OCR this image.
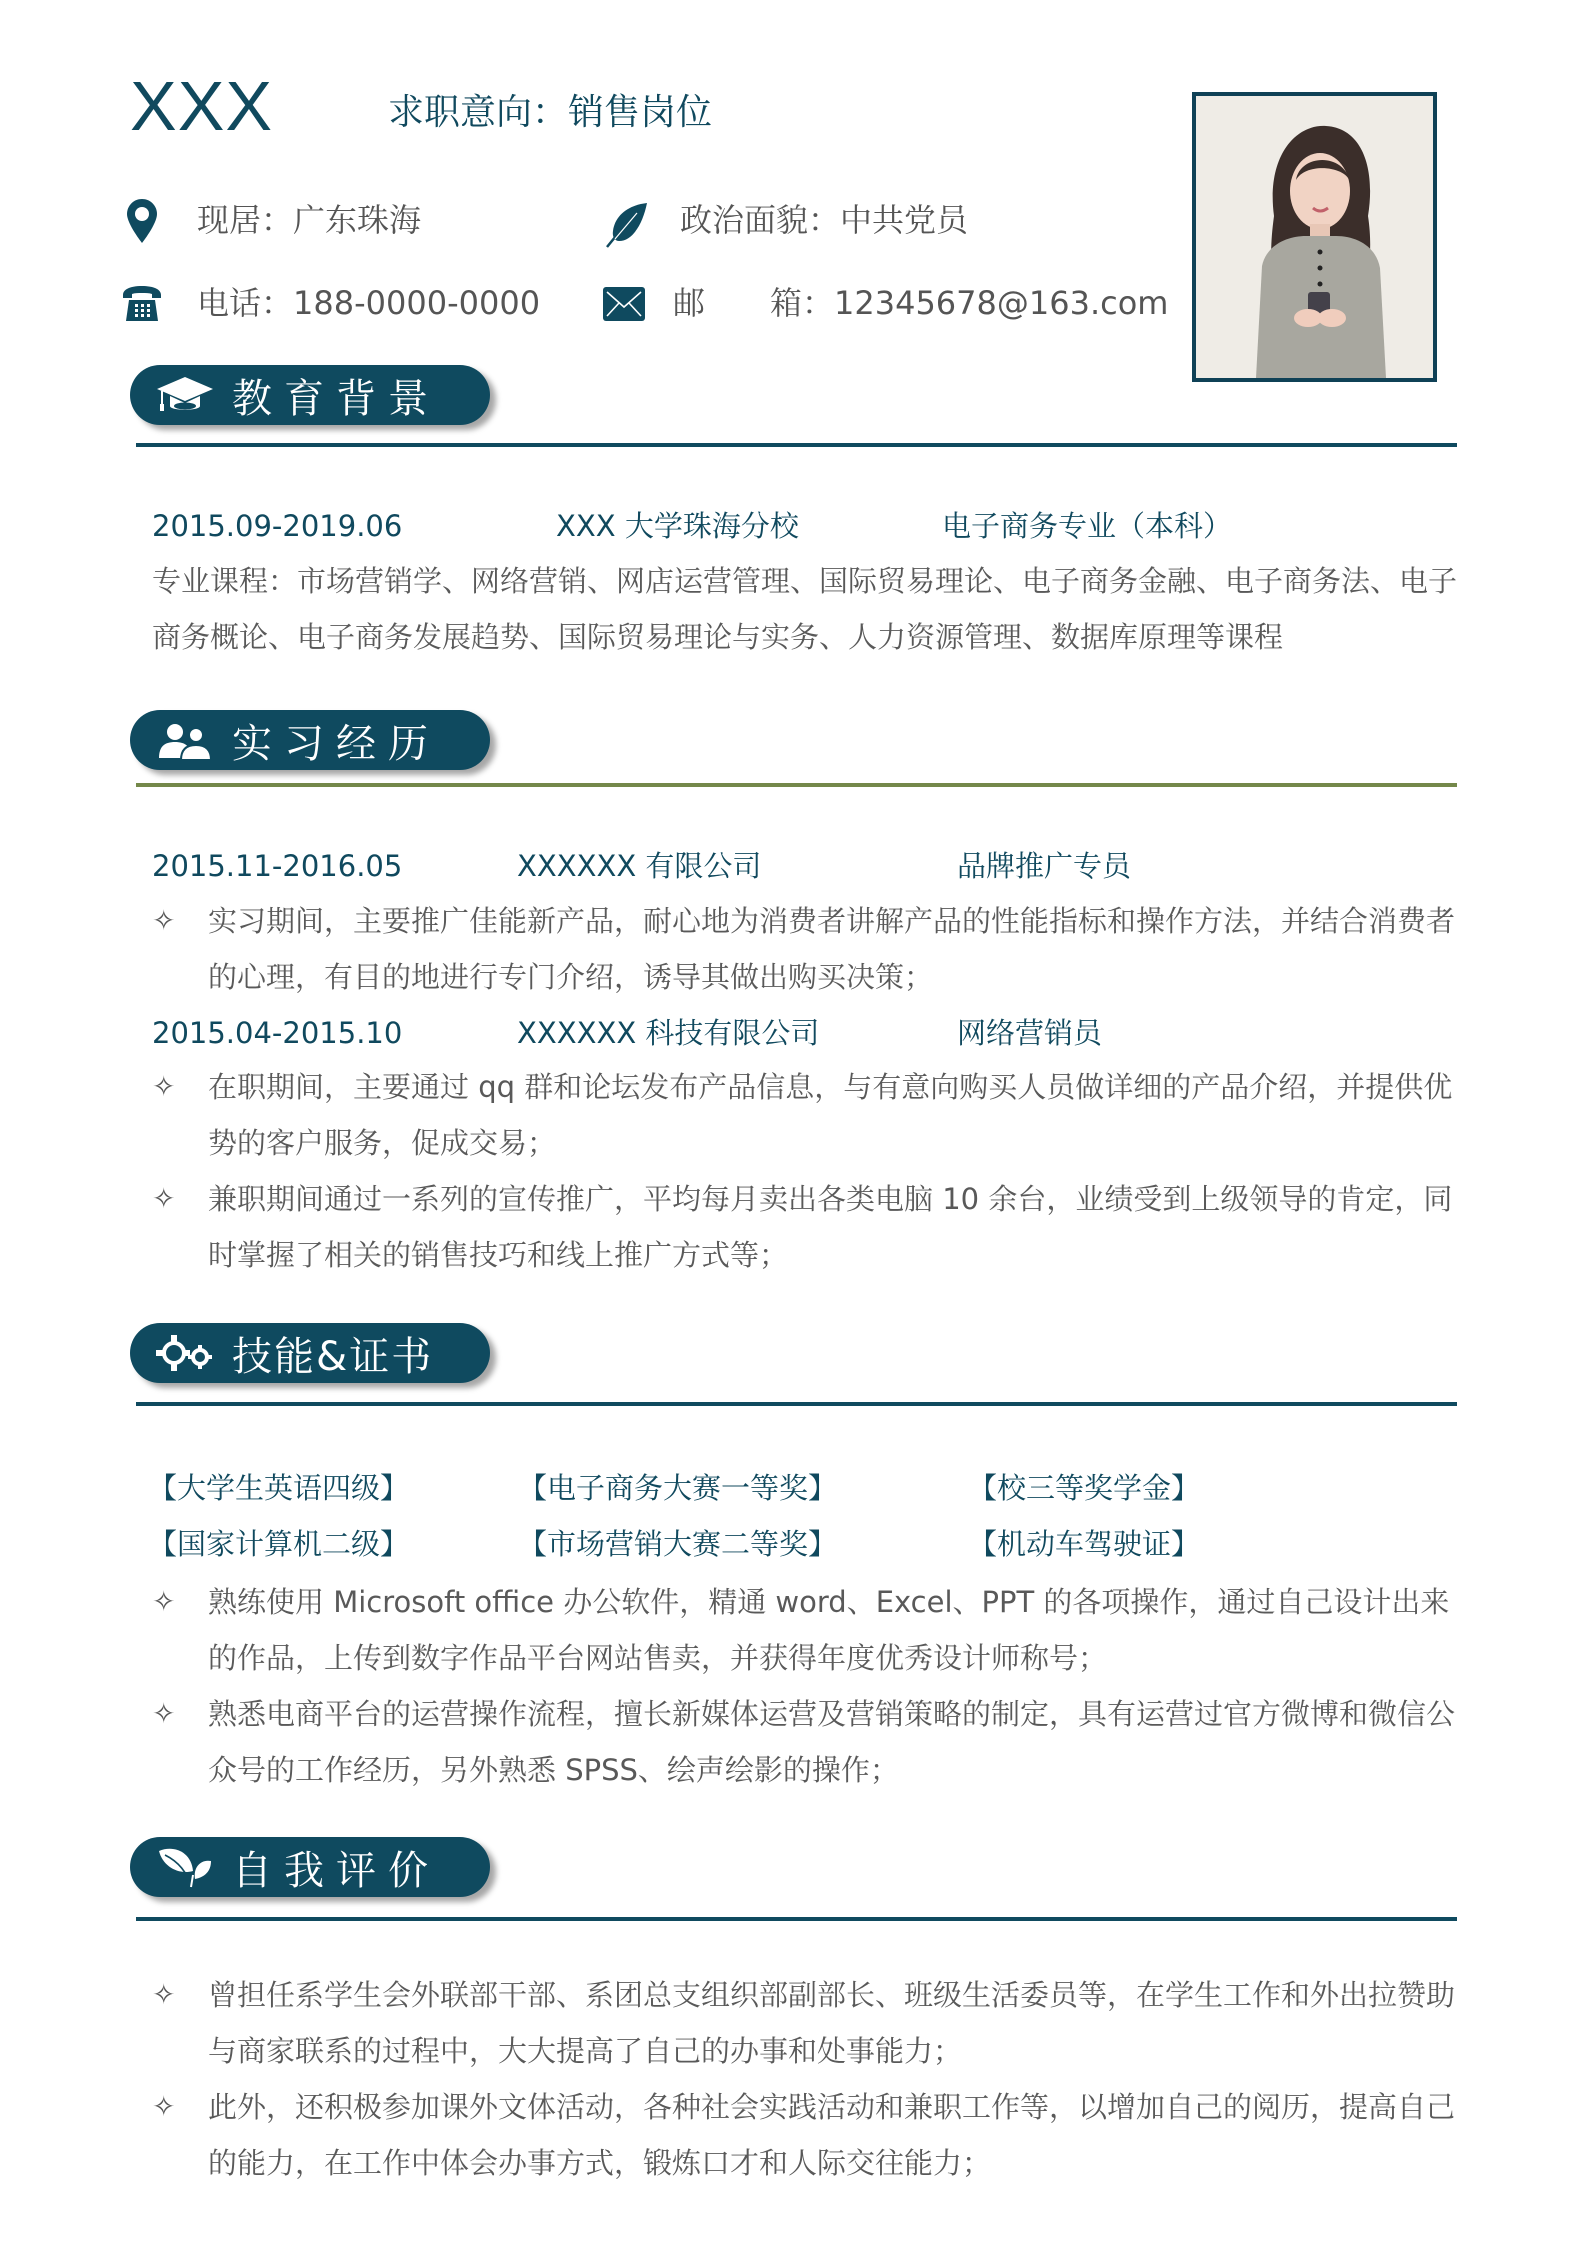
XXX	求职意向：销售岗位
现居：广东珠海	政治面貌：中共党员
电话：188-0000-0000	邮 箱：12345678@163.com
教育背景
2015.09-2019.06	XXX 大学珠海分校	电子商务专业（本科）
专业课程：市场营销学、网络营销、网店运营管理、国际贸易理论、电子商务金融、电子商务法、电子
商务概论、电子商务发展趋势、国际贸易理论与实务、人力资源管理、数据库原理等课程
实习经历
2015.11-2016.05	XXXXXX 有限公司	品牌推广专员
✧ 实习期间，主要推广佳能新产品，耐心地为消费者讲解产品的性能指标和操作方法，并结合消费者的心理，有目的地进行专门介绍，诱导其做出购买决策；
2015.04-2015.10	XXXXXX 科技有限公司	网络营销员
✧ 在职期间，主要通过 qq 群和论坛发布产品信息，与有意向购买人员做详细的产品介绍，并提供优势的客户服务，促成交易；
✧ 兼职期间通过一系列的宣传推广，平均每月卖出各类电脑 10 余台，业绩受到上级领导的肯定，同时掌握了相关的销售技巧和线上推广方式等；
技能&证书
【大学生英语四级】	【电子商务大赛一等奖】	【校三等奖学金】
【国家计算机二级】	【市场营销大赛二等奖】	【机动车驾驶证】
✧ 熟练使用 Microsoft office 办公软件，精通 word、Excel、PPT 的各项操作，通过自己设计出来的作品，上传到数字作品平台网站售卖，并获得年度优秀设计师称号；
✧ 熟悉电商平台的运营操作流程，擅长新媒体运营及营销策略的制定，具有运营过官方微博和微信公众号的工作经历，另外熟悉 SPSS、绘声绘影的操作；
自我评价
✧ 曾担任系学生会外联部干部、系团总支组织部副部长、班级生活委员等，在学生工作和外出拉赞助与商家联系的过程中，大大提高了自己的办事和处事能力；
✧ 此外，还积极参加课外文体活动，各种社会实践活动和兼职工作等，以增加自己的阅历，提高自己的能力，在工作中体会办事方式，锻炼口才和人际交往能力；
